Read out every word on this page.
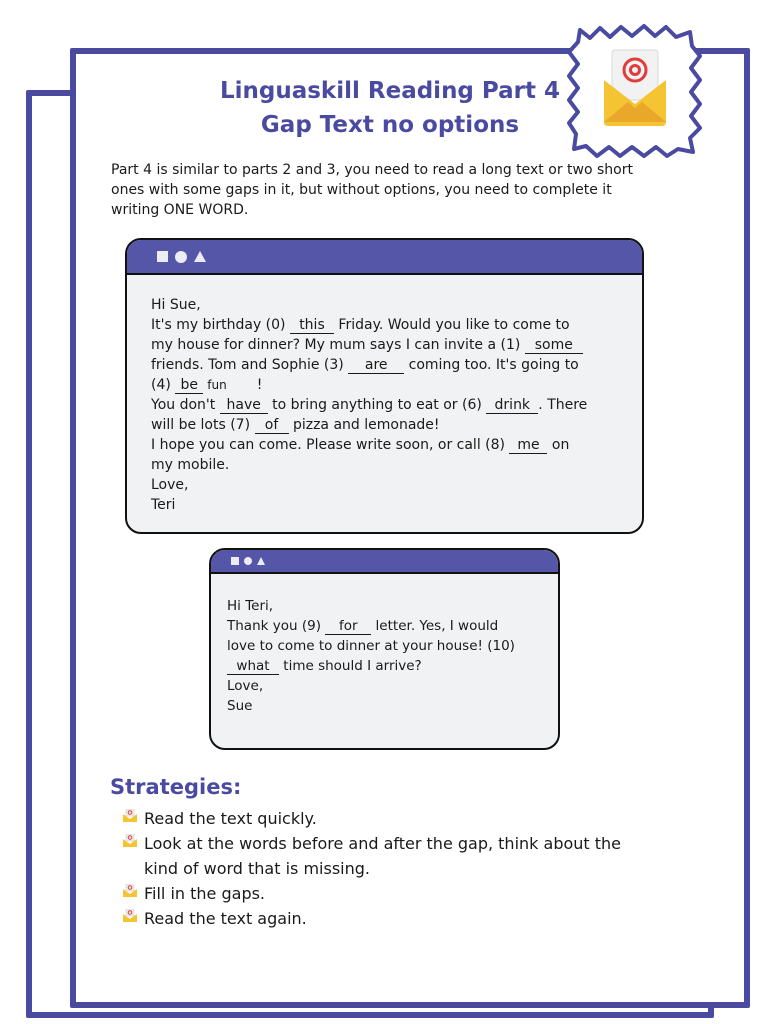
Linguaskill Reading Part 4
Gap Text no options
Part 4 is similar to parts 2 and 3, you need to read a long text or two short
ones with some gaps in it, but without options, you need to complete it
writing ONE WORD.
Hi Sue,
It's my birthday (0) this Friday. Would you like to come to
my house for dinner? My mum says I can invite a (1) some
friends. Tom and Sophie (3) are coming too. It's going to
(4) be fun !
You don't have to bring anything to eat or (6) drink . There
will be lots (7) of pizza and lemonade!
I hope you can come. Please write soon, or call (8) me on
my mobile.
Love,
Teri
Hi Teri,
Thank you (9) for letter. Yes, I would
love to come to dinner at your house! (10)
what time should I arrive?
Love,
Sue
Strategies:
Read the text quickly.
Look at the words before and after the gap, think about the kind of word that is missing.
Fill in the gaps.
Read the text again.
